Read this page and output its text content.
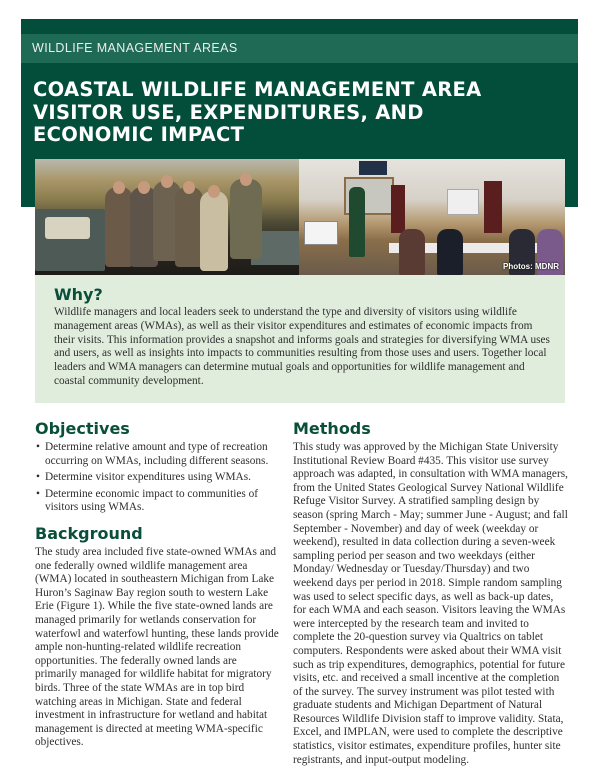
WILDLIFE MANAGEMENT AREAS
COASTAL WILDLIFE MANAGEMENT AREA
VISITOR USE, EXPENDITURES, AND
ECONOMIC IMPACT
Photos: MDNR
Why?

Wildlife managers and local leaders seek to understand the type and diversity of visitors using wildlife management areas (WMAs), as well as their visitor expenditures and estimates of economic impacts from their visits. This information provides a snapshot and informs goals and strategies for diversifying WMA uses and users, as well as insights into impacts to communities resulting from those uses and users. Together local leaders and WMA managers can determine mutual goals and opportunities for wildlife management and coastal community development.

Objectives
• Determine relative amount and type of recreation occurring on WMAs, including different seasons.
• Determine visitor expenditures using WMAs.
• Determine economic impact to communities of visitors using WMAs.
Background
The study area included five state-owned WMAs and one federally owned wildlife management area (WMA) located in southeastern Michigan from Lake Huron’s Saginaw Bay region south to western Lake Erie (Figure 1). While the five state-owned lands are managed primarily for wetlands conservation for waterfowl and waterfowl hunting, these lands provide ample non-hunting-related wildlife recreation opportunities. The federally owned lands are primarily managed for wildlife habitat for migratory birds. Three of the state WMAs are in top bird watching areas in Michigan. State and federal investment in infrastructure for wetland and habitat management is directed at meeting WMA-specific objectives.
Methods
This study was approved by the Michigan State University Institutional Review Board #435. This visitor use survey approach was adapted, in consultation with WMA managers, from the United States Geological Survey National Wildlife Refuge Visitor Survey. A stratified sampling design by season (spring March - May; summer June - August; and fall September - November) and day of week (weekday or weekend), resulted in data collection during a seven-week sampling period per season and two weekdays (either Monday/ Wednesday or Tuesday/Thursday) and two weekend days per period in 2018. Simple random sampling was used to select specific days, as well as back-up dates, for each WMA and each season. Visitors leaving the WMAs were intercepted by the research team and invited to complete the 20-question survey via Qualtrics on tablet computers. Respondents were asked about their WMA visit such as trip expenditures, demographics, potential for future visits, etc. and received a small incentive at the completion of the survey. The survey instrument was pilot tested with graduate students and Michigan Department of Natural Resources Wildlife Division staff to improve validity. Stata, Excel, and IMPLAN, were used to complete the descriptive statistics, visitor estimates, expenditure profiles, hunter site registrants, and input-output modeling.
